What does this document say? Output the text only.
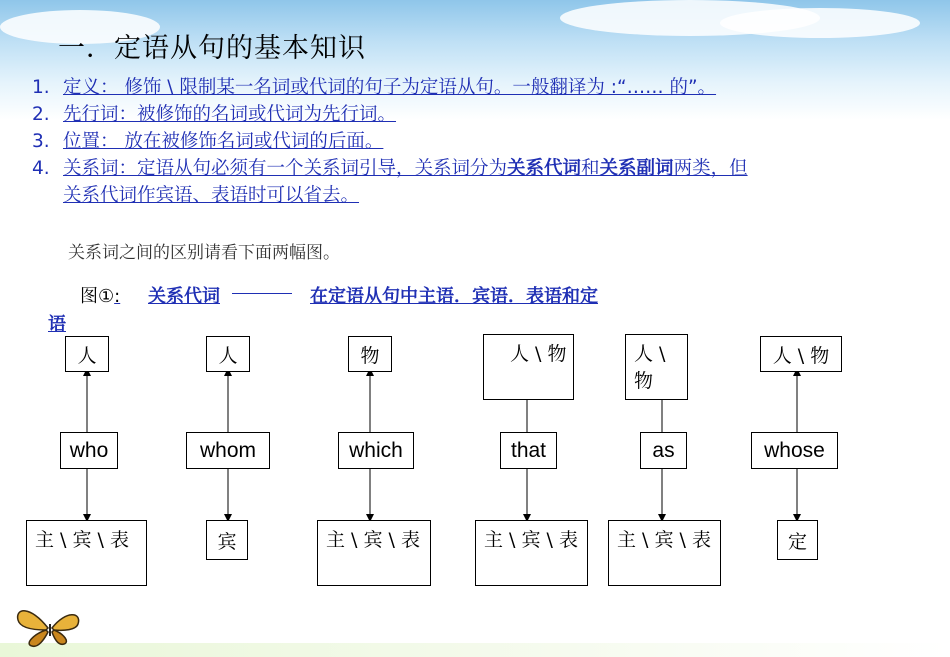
一．定语从句的基本知识
1. 定义： 修饰 \ 限制某一名词或代词的句子为定语从句。一般翻译为 :“…… 的”。
2. 先行词：被修饰的名词或代词为先行词。
3. 位置： 放在被修饰名词或代词的后面。
4. 关系词：定语从句必须有一个关系词引导，关系词分为关系代词和关系副词两类，但
关系代词作宾语、表语时可以省去。
关系词之间的区别请看下面两幅图。
图①: 关系代词	在定语从句中主语．宾语．表语和定
语
人
who
主 \ 宾 \ 表
人
whom
宾
物
which
主 \ 宾 \ 表
人 \ 物
that
主 \ 宾 \ 表
人 \ 物
as
主 \ 宾 \ 表
人 \ 物
whose
定
